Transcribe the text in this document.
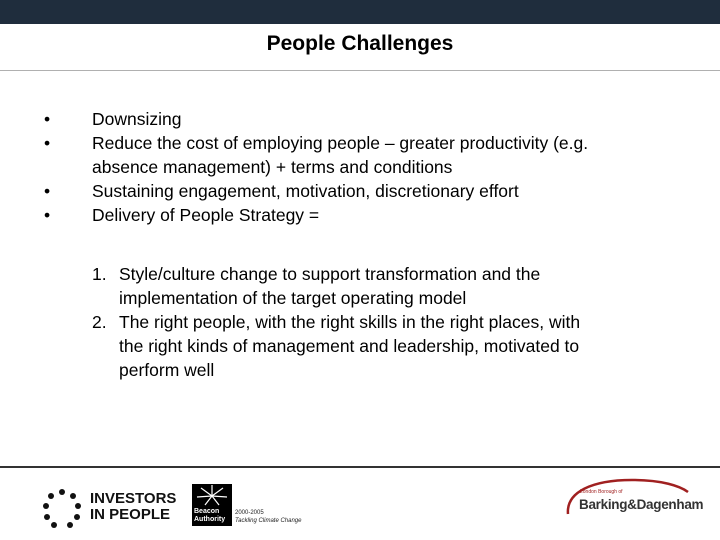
People Challenges
• Downsizing
• Reduce the cost of employing people – greater productivity (e.g.
absence management) + terms and conditions
• Sustaining engagement, motivation, discretionary effort
• Delivery of People Strategy =
1. Style/culture change to support transformation and the
implementation of the target operating model
2. The right people, with the right skills in the right places, with
the right kinds of management and leadership, motivated to
perform well
INVESTORS
IN PEOPLE	Beacon
Authority
2000-2005
Tackling Climate Change
London Borough of
Barking&Dagenham
